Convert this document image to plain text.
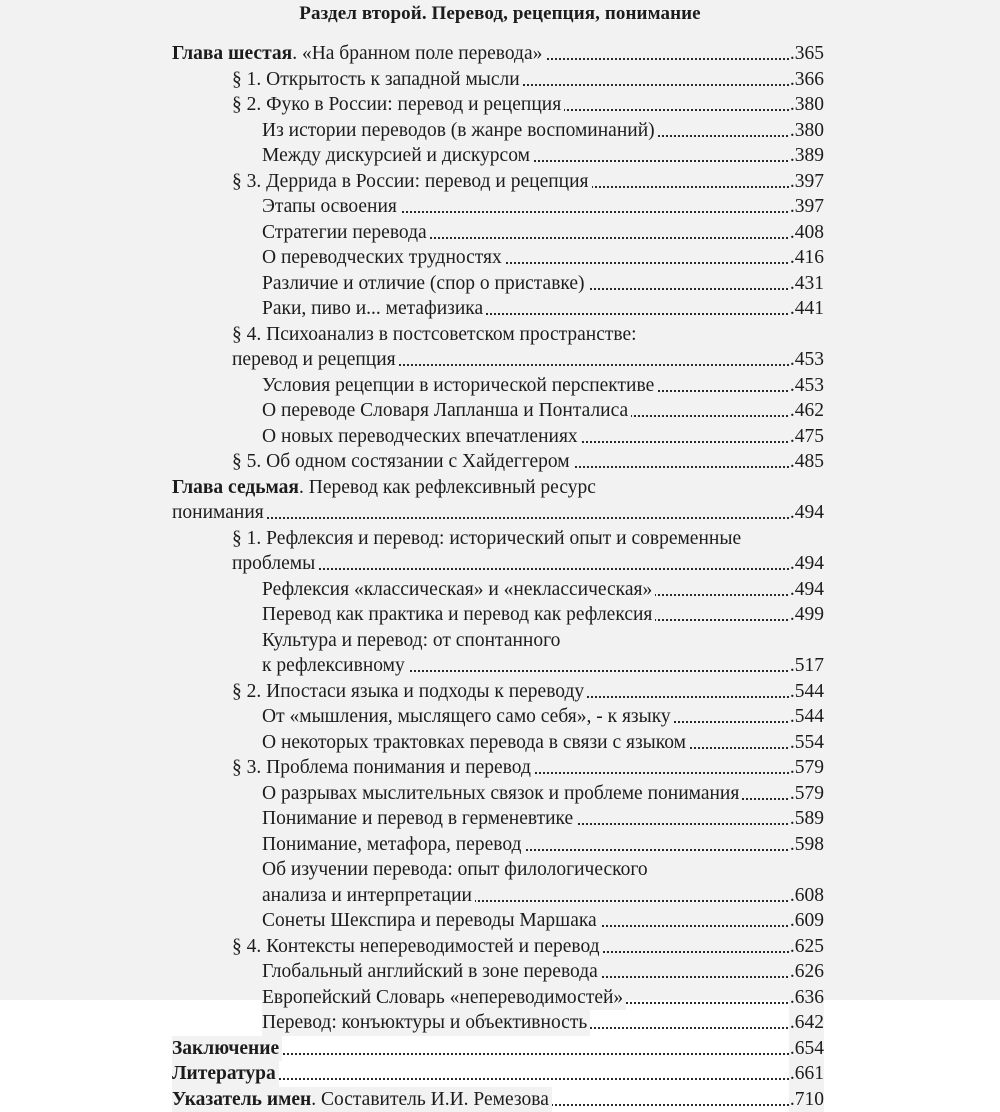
Раздел второй. Перевод, рецепция, понимание
Глава шестая. «На бранном поле перевода»	.365
§ 1. Открытость к западной мысли	.366
§ 2. Фуко в России: перевод и рецепция	.380
Из истории переводов (в жанре воспоминаний)	.380
Между дискурсией и дискурсом	.389
§ 3. Деррида в России: перевод и рецепция	.397
Этапы освоения	.397
Стратегии перевода	.408
О переводческих трудностях	.416
Различие и отличие (спор о приставке)	.431
Раки, пиво и... метафизика	.441
§ 4. Психоанализ в постсоветском пространстве:
перевод и рецепция	.453
Условия рецепции в исторической перспективе	.453
О переводе Словаря Лапланша и Понталиса	.462
О новых переводческих впечатлениях	.475
§ 5. Об одном состязании с Хайдеггером	.485
Глава седьмая. Перевод как рефлексивный ресурс
понимания	.494
§ 1. Рефлексия и перевод: исторический опыт и современные
проблемы	.494
Рефлексия «классическая» и «неклассическая»	.494
Перевод как практика и перевод как рефлексия	.499
Культура и перевод: от спонтанного
к рефлексивному	.517
§ 2. Ипостаси языка и подходы к переводу	.544
От «мышления, мыслящего само себя», - к языку	.544
О некоторых трактовках перевода в связи с языком	.554
§ 3. Проблема понимания и перевод	.579
О разрывах мыслительных связок и проблеме понимания	.579
Понимание и перевод в герменевтике	.589
Понимание, метафора, перевод	.598
Об изучении перевода: опыт филологического
анализа и интерпретации	.608
Сонеты Шекспира и переводы Маршака	.609
§ 4. Контексты непереводимостей и перевод	.625
Глобальный английский в зоне перевода	.626
Европейский Словарь «непереводимостей»	.636
Перевод: конъюктуры и объективность	.642
Заключение	.654
Литература	.661
Указатель имен. Составитель И.И. Ремезова	.710
